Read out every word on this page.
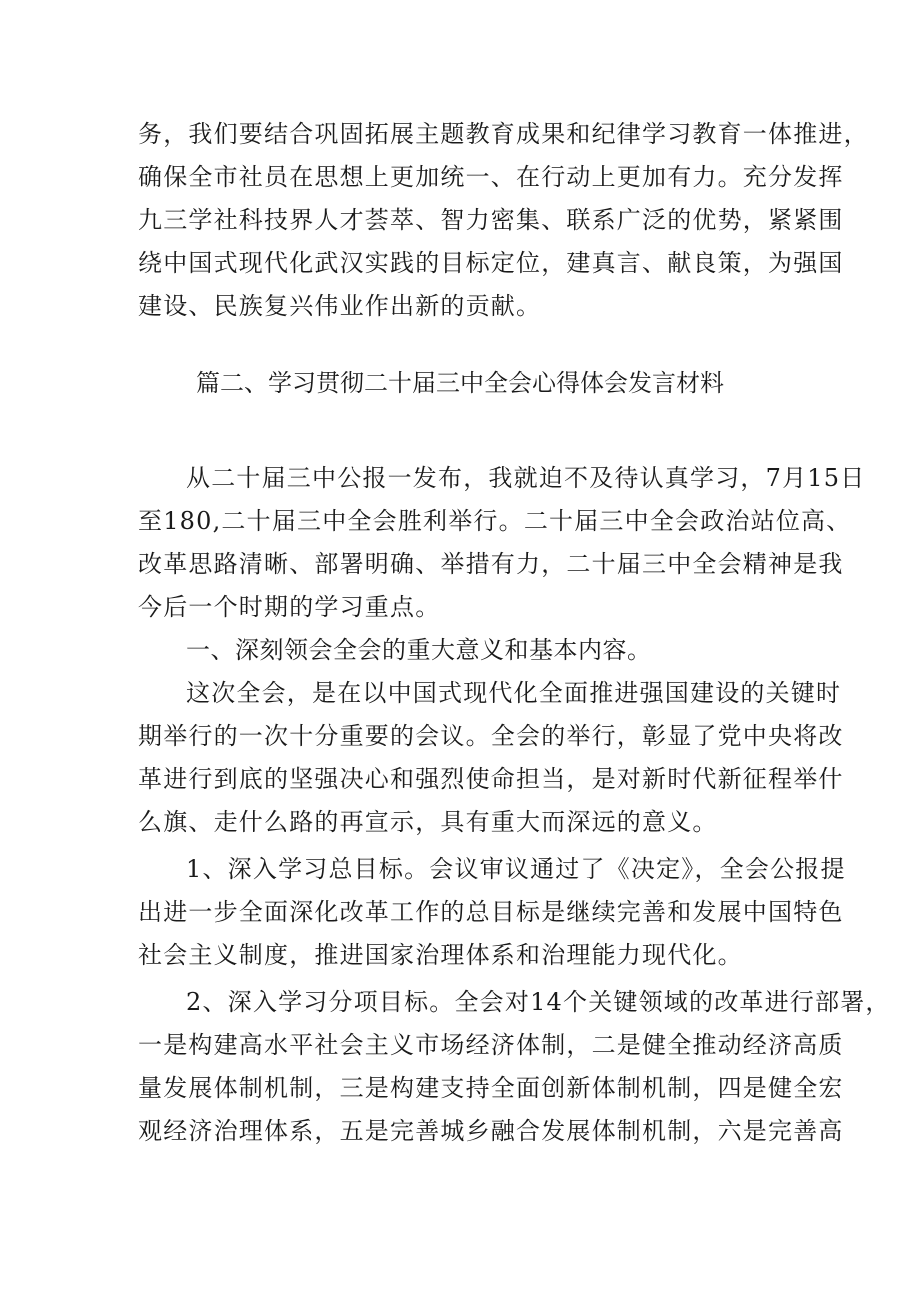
务，我们要结合巩固拓展主题教育成果和纪律学习教育一体推进，
确保全市社员在思想上更加统一、在行动上更加有力。充分发挥
九三学社科技界人才荟萃、智力密集、联系广泛的优势，紧紧围
绕中国式现代化武汉实践的目标定位，建真言、献良策，为强国
建设、民族复兴伟业作出新的贡献。
篇二、学习贯彻二十届三中全会心得体会发言材料
从二十届三中公报一发布，我就迫不及待认真学习，7月15日
至180,二十届三中全会胜利举行。二十届三中全会政治站位高、
改革思路清晰、部署明确、举措有力，二十届三中全会精神是我
今后一个时期的学习重点。
一、深刻领会全会的重大意义和基本内容。
这次全会，是在以中国式现代化全面推进强国建设的关键时
期举行的一次十分重要的会议。全会的举行，彰显了党中央将改
革进行到底的坚强决心和强烈使命担当，是对新时代新征程举什
么旗、走什么路的再宣示，具有重大而深远的意义。
1、深入学习总目标。会议审议通过了《决定》，全会公报提
出进一步全面深化改革工作的总目标是继续完善和发展中国特色
社会主义制度，推进国家治理体系和治理能力现代化。
2、深入学习分项目标。全会对14个关键领域的改革进行部署，
一是构建高水平社会主义市场经济体制，二是健全推动经济高质
量发展体制机制，三是构建支持全面创新体制机制，四是健全宏
观经济治理体系，五是完善城乡融合发展体制机制，六是完善高
